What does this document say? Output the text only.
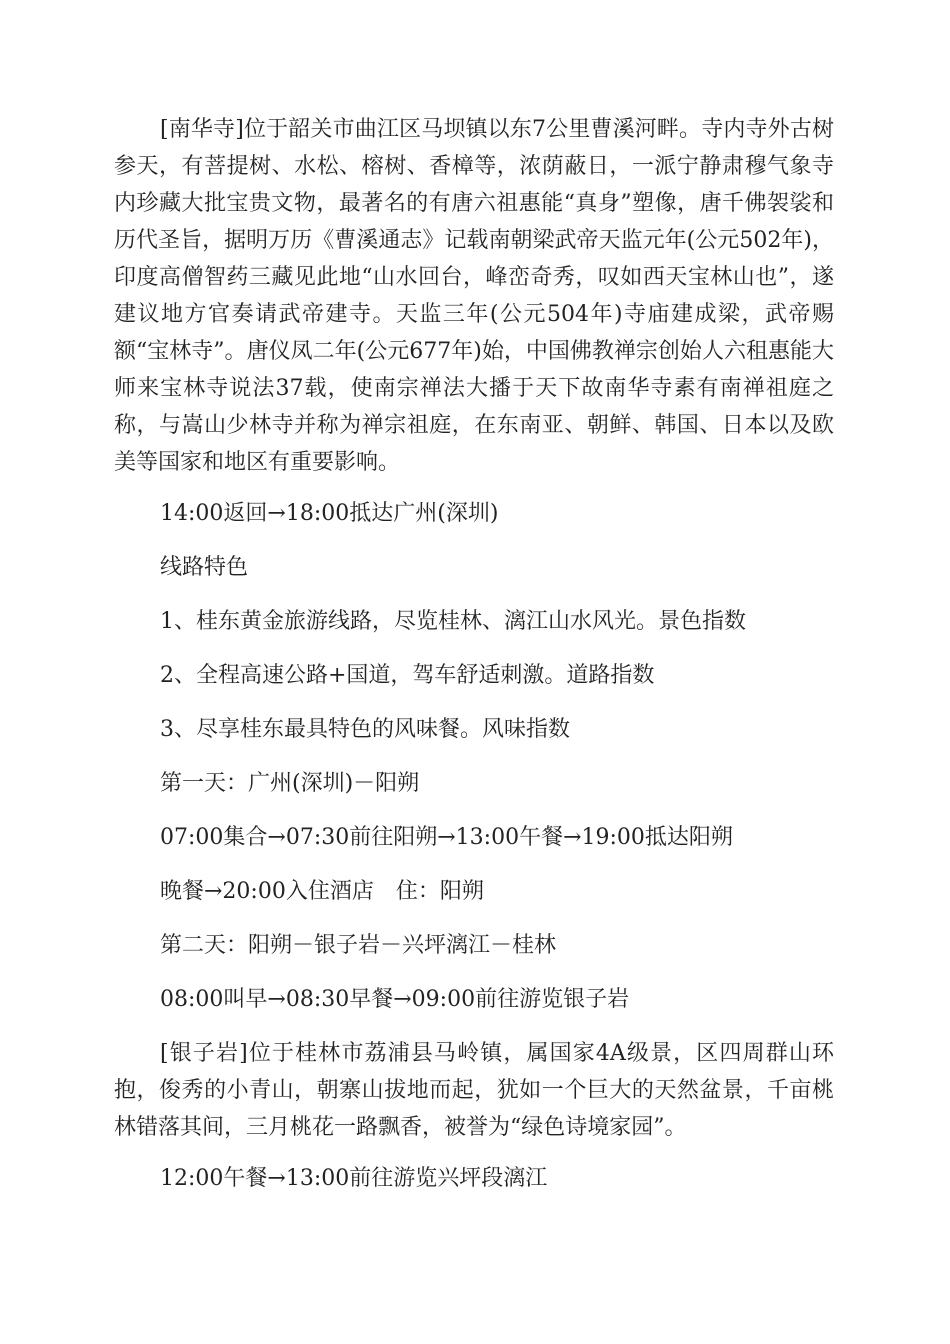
[南华寺]位于韶关市曲江区马坝镇以东7公里曹溪河畔。寺内寺外古树参天，有菩提树、水松、榕树、香樟等，浓荫蔽日，一派宁静肃穆气象寺内珍藏大批宝贵文物，最著名的有唐六祖惠能“真身”塑像，唐千佛袈裟和历代圣旨，据明万历《曹溪通志》记载南朝梁武帝天监元年(公元502年)，印度高僧智药三藏见此地“山水回台，峰峦奇秀，叹如西天宝林山也”，遂建议地方官奏请武帝建寺。天监三年(公元504年)寺庙建成梁，武帝赐额“宝林寺”。唐仪凤二年(公元677年)始，中国佛教禅宗创始人六租惠能大师来宝林寺说法37载，使南宗禅法大播于天下故南华寺素有南禅祖庭之称，与嵩山少林寺并称为禅宗祖庭，在东南亚、朝鲜、韩国、日本以及欧美等国家和地区有重要影响。

14:00返回→18:00抵达广州(深圳)

线路特色

1、桂东黄金旅游线路，尽览桂林、漓江山水风光。景色指数

2、全程高速公路+国道，驾车舒适刺激。道路指数

3、尽享桂东最具特色的风味餐。风味指数

第一天：广州(深圳)－阳朔

07:00集合→07:30前往阳朔→13:00午餐→19:00抵达阳朔

晚餐→20:00入住酒店　住：阳朔

第二天：阳朔－银子岩－兴坪漓江－桂林

08:00叫早→08:30早餐→09:00前往游览银子岩

[银子岩]位于桂林市荔浦县马岭镇，属国家4A级景，区四周群山环抱，俊秀的小青山，朝寨山拔地而起，犹如一个巨大的天然盆景，千亩桃林错落其间，三月桃花一路飘香，被誉为“绿色诗境家园”。

12:00午餐→13:00前往游览兴坪段漓江
